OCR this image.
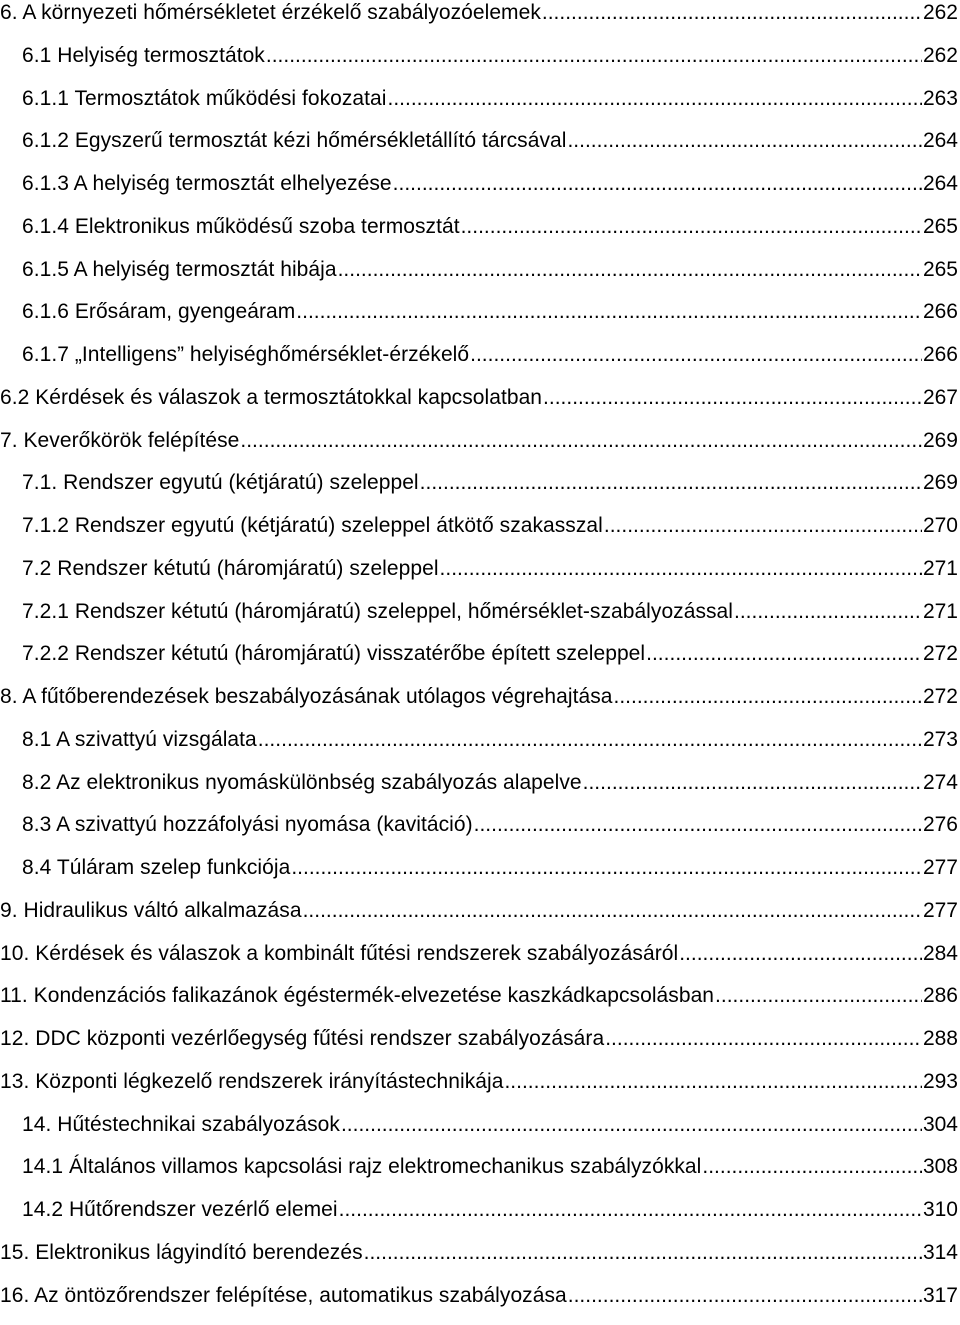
6. A környezeti hőmérsékletet érzékelő szabályozóelemek .....	262
6.1 Helyiség termosztátok .....	262
6.1.1 Termosztátok működési fokozatai .....	263
6.1.2 Egyszerű termosztát kézi hőmérsékletállító tárcsával .....	264
6.1.3 A helyiség termosztát elhelyezése .....	264
6.1.4 Elektronikus működésű szoba termosztát .....	265
6.1.5 A helyiség termosztát hibája .....	265
6.1.6 Erősáram, gyengeáram .....	266
6.1.7 „Intelligens” helyiséghőmérséklet-érzékelő .....	266
6.2 Kérdések és válaszok a termosztátokkal kapcsolatban .....	267
7. Keverőkörök felépítése .....	269
7.1. Rendszer egyutú (kétjáratú) szeleppel .....	269
7.1.2 Rendszer egyutú (kétjáratú) szeleppel átkötő szakasszal .....	270
7.2 Rendszer kétutú (háromjáratú) szeleppel .....	271
7.2.1 Rendszer kétutú (háromjáratú) szeleppel, hőmérséklet-szabályozással .....	271
7.2.2 Rendszer kétutú (háromjáratú) visszatérőbe épített szeleppel .....	272
8. A fűtőberendezések beszabályozásának utólagos végrehajtása .....	272
8.1 A szivattyú vizsgálata .....	273
8.2 Az elektronikus nyomáskülönbség szabályozás alapelve .....	274
8.3 A szivattyú hozzáfolyási nyomása (kavitáció) .....	276
8.4 Túláram szelep funkciója .....	277
9. Hidraulikus váltó alkalmazása .....	277
10. Kérdések és válaszok a kombinált fűtési rendszerek szabályozásáról .....	284
11. Kondenzációs falikazánok égéstermék-elvezetése kaszkádkapcsolásban .....	286
12. DDC központi vezérlőegység fűtési rendszer szabályozására .....	288
13. Központi légkezelő rendszerek irányítástechnikája .....	293
14. Hűtéstechnikai szabályozások .....	304
14.1 Általános villamos kapcsolási rajz elektromechanikus szabályzókkal .....	308
14.2 Hűtőrendszer vezérlő elemei .....	310
15. Elektronikus lágyindító berendezés .....	314
16. Az öntözőrendszer felépítése, automatikus szabályozása .....	317
